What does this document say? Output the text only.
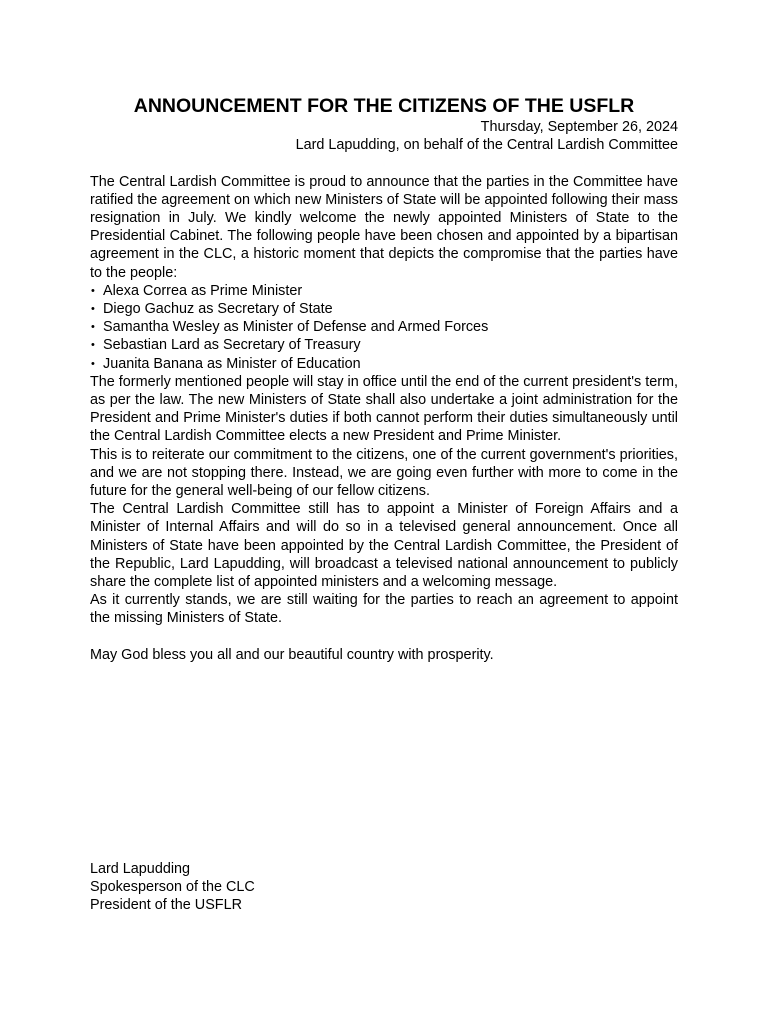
ANNOUNCEMENT FOR THE CITIZENS OF THE USFLR
Thursday, September 26, 2024
Lard Lapudding, on behalf of the Central Lardish Committee

The Central Lardish Committee is proud to announce that the parties in the Committee have ratified the agreement on which new Ministers of State will be appointed following their mass resignation in July. We kindly welcome the newly appointed Ministers of State to the Presidential Cabinet. The following people have been chosen and appointed by a bipartisan agreement in the CLC, a historic moment that depicts the compromise that the parties have to the people:

• Alexa Correa as Prime Minister
• Diego Gachuz as Secretary of State
• Samantha Wesley as Minister of Defense and Armed Forces
• Sebastian Lard as Secretary of Treasury
• Juanita Banana as Minister of Education

The formerly mentioned people will stay in office until the end of the current president's term, as per the law. The new Ministers of State shall also undertake a joint administration for the President and Prime Minister's duties if both cannot perform their duties simultaneously until the Central Lardish Committee elects a new President and Prime Minister.

This is to reiterate our commitment to the citizens, one of the current government's priorities, and we are not stopping there. Instead, we are going even further with more to come in the future for the general well-being of our fellow citizens.

The Central Lardish Committee still has to appoint a Minister of Foreign Affairs and a Minister of Internal Affairs and will do so in a televised general announcement. Once all Ministers of State have been appointed by the Central Lardish Committee, the President of the Republic, Lard Lapudding, will broadcast a televised national announcement to publicly share the complete list of appointed ministers and a welcoming message.

As it currently stands, we are still waiting for the parties to reach an agreement to appoint the missing Ministers of State.

May God bless you all and our beautiful country with prosperity.

Lard Lapudding
Spokesperson of the CLC
President of the USFLR
